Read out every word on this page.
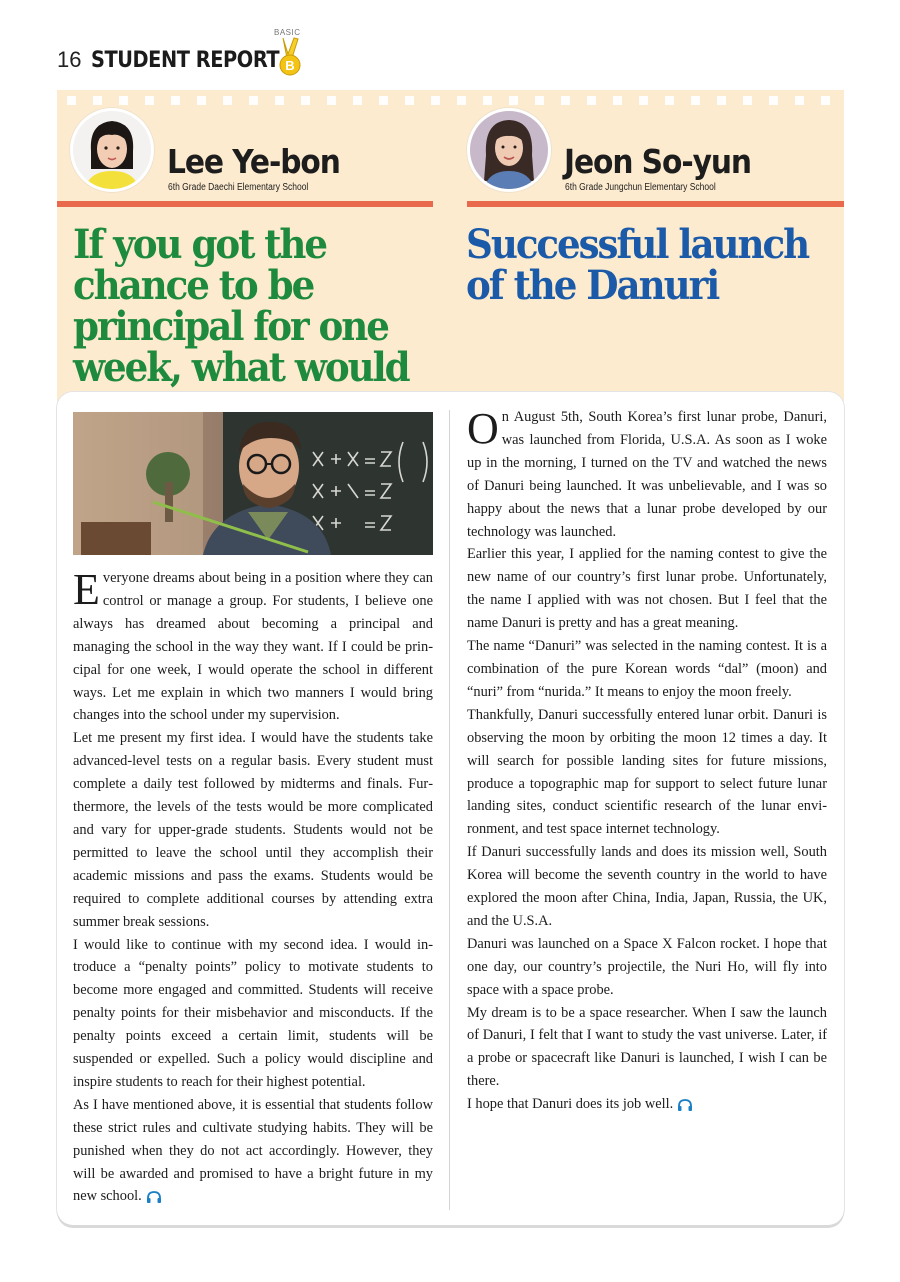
16 STUDENT REPORT
BASIC
B
Lee Ye-bon
6th Grade Daechi Elementary School
Jeon So-yun
6th Grade Jungchun Elementary School
If you got the chance to be principal for one week, what would
Successful launch of the Danuri

Everyone dreams about being in a position where they can control or manage a group. For students, I believe one always has dreamed about becoming a principal and managing the school in the way they want. If I could be principal for one week, I would operate the school in different ways. Let me explain in which two manners I would bring changes into the school under my supervision.

Let me present my first idea. I would have the students take advanced-level tests on a regular basis. Every student must complete a daily test followed by midterms and finals. Furthermore, the levels of the tests would be more complicated and vary for upper-grade students. Students would not be permitted to leave the school until they accomplish their academic missions and pass the exams. Students would be required to complete additional courses by attending extra summer break sessions.

I would like to continue with my second idea. I would introduce a “penalty points” policy to motivate students to become more engaged and committed. Students will receive penalty points for their misbehavior and misconducts. If the penalty points exceed a certain limit, students will be suspended or expelled. Such a policy would discipline and inspire students to reach for their highest potential.

As I have mentioned above, it is essential that students follow these strict rules and cultivate studying habits. They will be punished when they do not act accordingly. However, they will be awarded and promised to have a bright future in my new school.

On August 5th, South Korea’s first lunar probe, Danuri, was launched from Florida, U.S.A. As soon as I woke up in the morning, I turned on the TV and watched the news of Danuri being launched. It was unbelievable, and I was so happy about the news that a lunar probe developed by our technology was launched.

Earlier this year, I applied for the naming contest to give the new name of our country’s first lunar probe. Unfortunately, the name I applied with was not chosen. But I feel that the name Danuri is pretty and has a great meaning.

The name “Danuri” was selected in the naming contest. It is a combination of the pure Korean words “dal” (moon) and “nuri” from “nurida.” It means to enjoy the moon freely.

Thankfully, Danuri successfully entered lunar orbit. Danuri is observing the moon by orbiting the moon 12 times a day. It will search for possible landing sites for future missions, produce a topographic map for support to select future lunar landing sites, conduct scientific research of the lunar environment, and test space internet technology.

If Danuri successfully lands and does its mission well, South Korea will become the seventh country in the world to have explored the moon after China, India, Japan, Russia, the UK, and the U.S.A.

Danuri was launched on a Space X Falcon rocket. I hope that one day, our country’s projectile, the Nuri Ho, will fly into space with a space probe.

My dream is to be a space researcher. When I saw the launch of Danuri, I felt that I want to study the vast universe. Later, if a probe or spacecraft like Danuri is launched, I wish I can be there.

I hope that Danuri does its job well.
